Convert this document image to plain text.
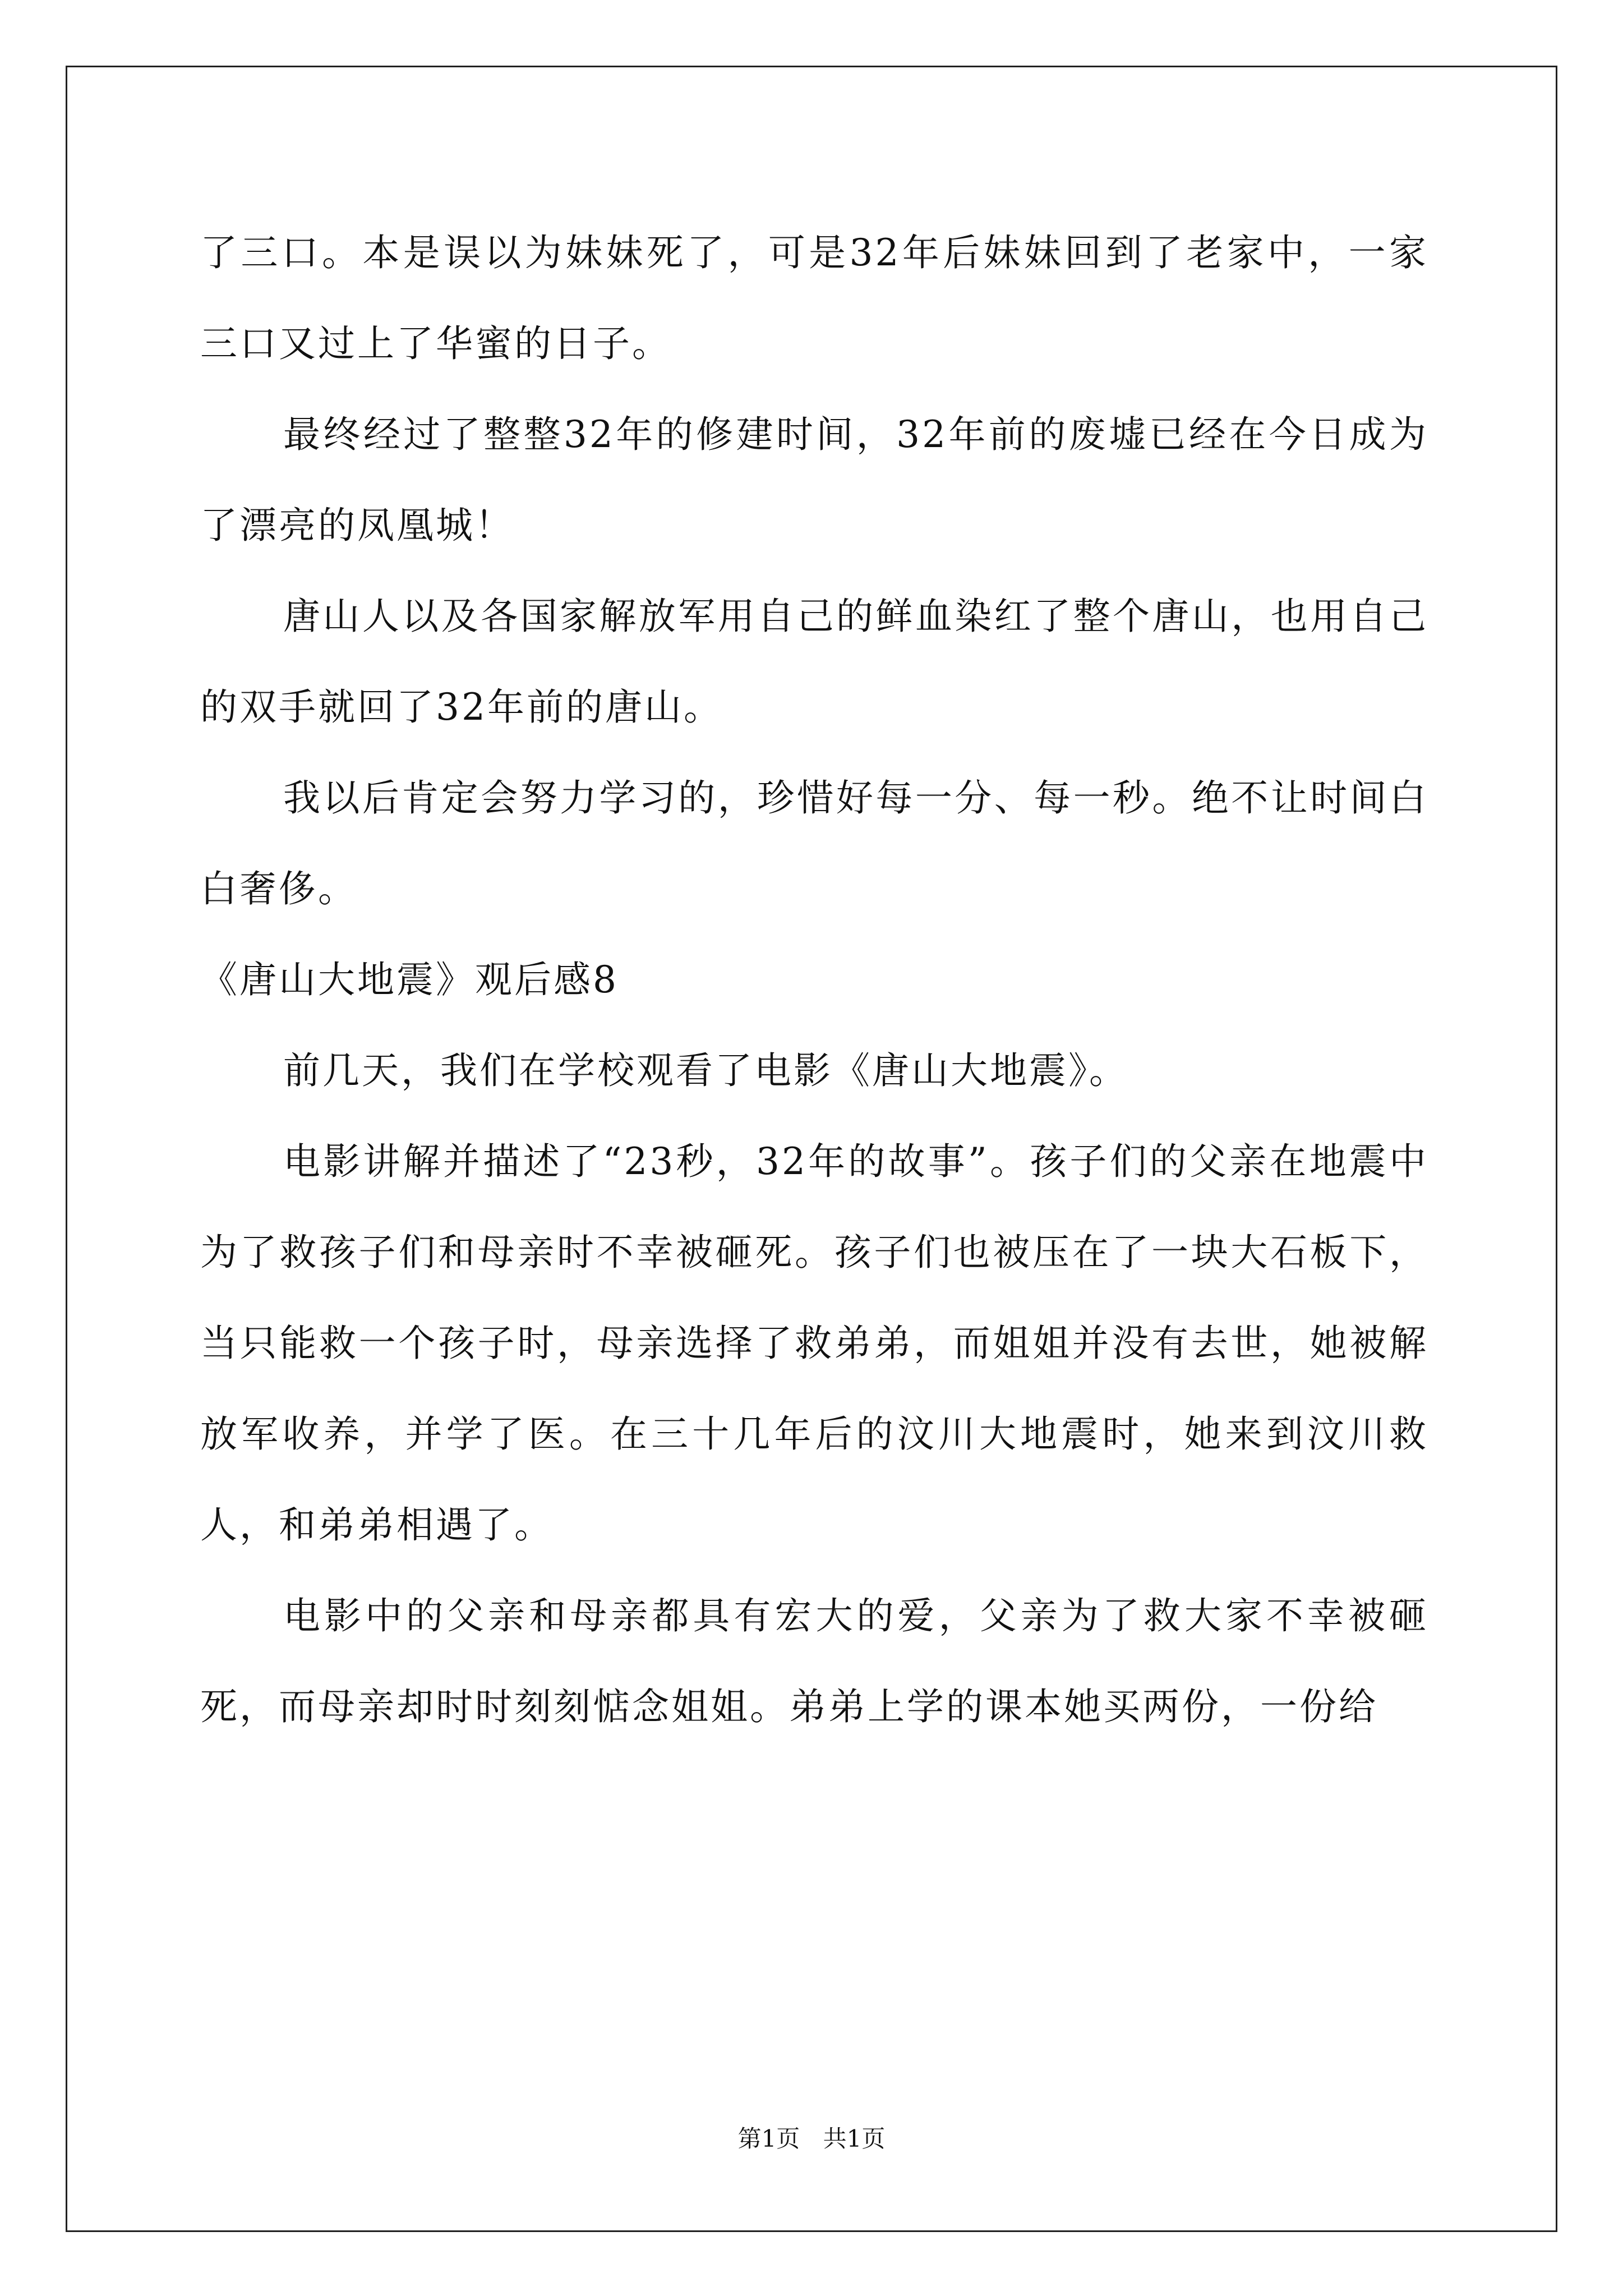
了三口。本是误以为妹妹死了，可是32年后妹妹回到了老家中，一家三口又过上了华蜜的日子。

最终经过了整整32年的修建时间，32年前的废墟已经在今日成为了漂亮的凤凰城！

唐山人以及各国家解放军用自己的鲜血染红了整个唐山，也用自己的双手就回了32年前的唐山。

我以后肯定会努力学习的，珍惜好每一分、每一秒。绝不让时间白白奢侈。

《唐山大地震》观后感8

前几天，我们在学校观看了电影《唐山大地震》。

电影讲解并描述了“23秒，32年的故事”。孩子们的父亲在地震中为了救孩子们和母亲时不幸被砸死。孩子们也被压在了一块大石板下，当只能救一个孩子时，母亲选择了救弟弟，而姐姐并没有去世，她被解放军收养，并学了医。在三十几年后的汶川大地震时，她来到汶川救人，和弟弟相遇了。

电影中的父亲和母亲都具有宏大的爱，父亲为了救大家不幸被砸死，而母亲却时时刻刻惦念姐姐。弟弟上学的课本她买两份，一份给

第1页 共1页
